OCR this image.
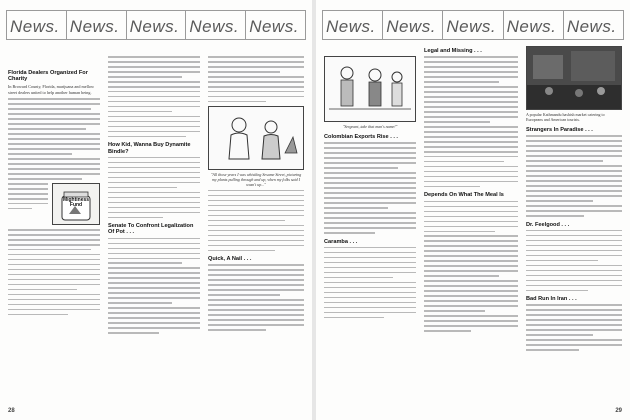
News. News. News. News. News.
Florida Dealers Organized For Charity

In Broward County, Florida, marijuana and mellow street dealers united to help another human being.

Mightiness Fund
How Kid, Wanna Buy Dynamite Bindle?
Senate To Confront Legalization Of Pot . . .
"All those years I was whistling Sesame Street, picturing my plants pulling through and up, when my folks said I wasn't up..."
Quick, A Nail . . .
28
News. News. News. News. News.
"Sergeant, take that man's name!"
Colombian Exports Rise . . .
Caramba . . .
Legal and Missing . . .
Depends On What The Meal Is
A popular Kathmandu hashish market catering to Europeans and American tourists.
Strangers In Paradise . . .
Dr. Feelgood . . .
Bad Run In Iran . . .
29
